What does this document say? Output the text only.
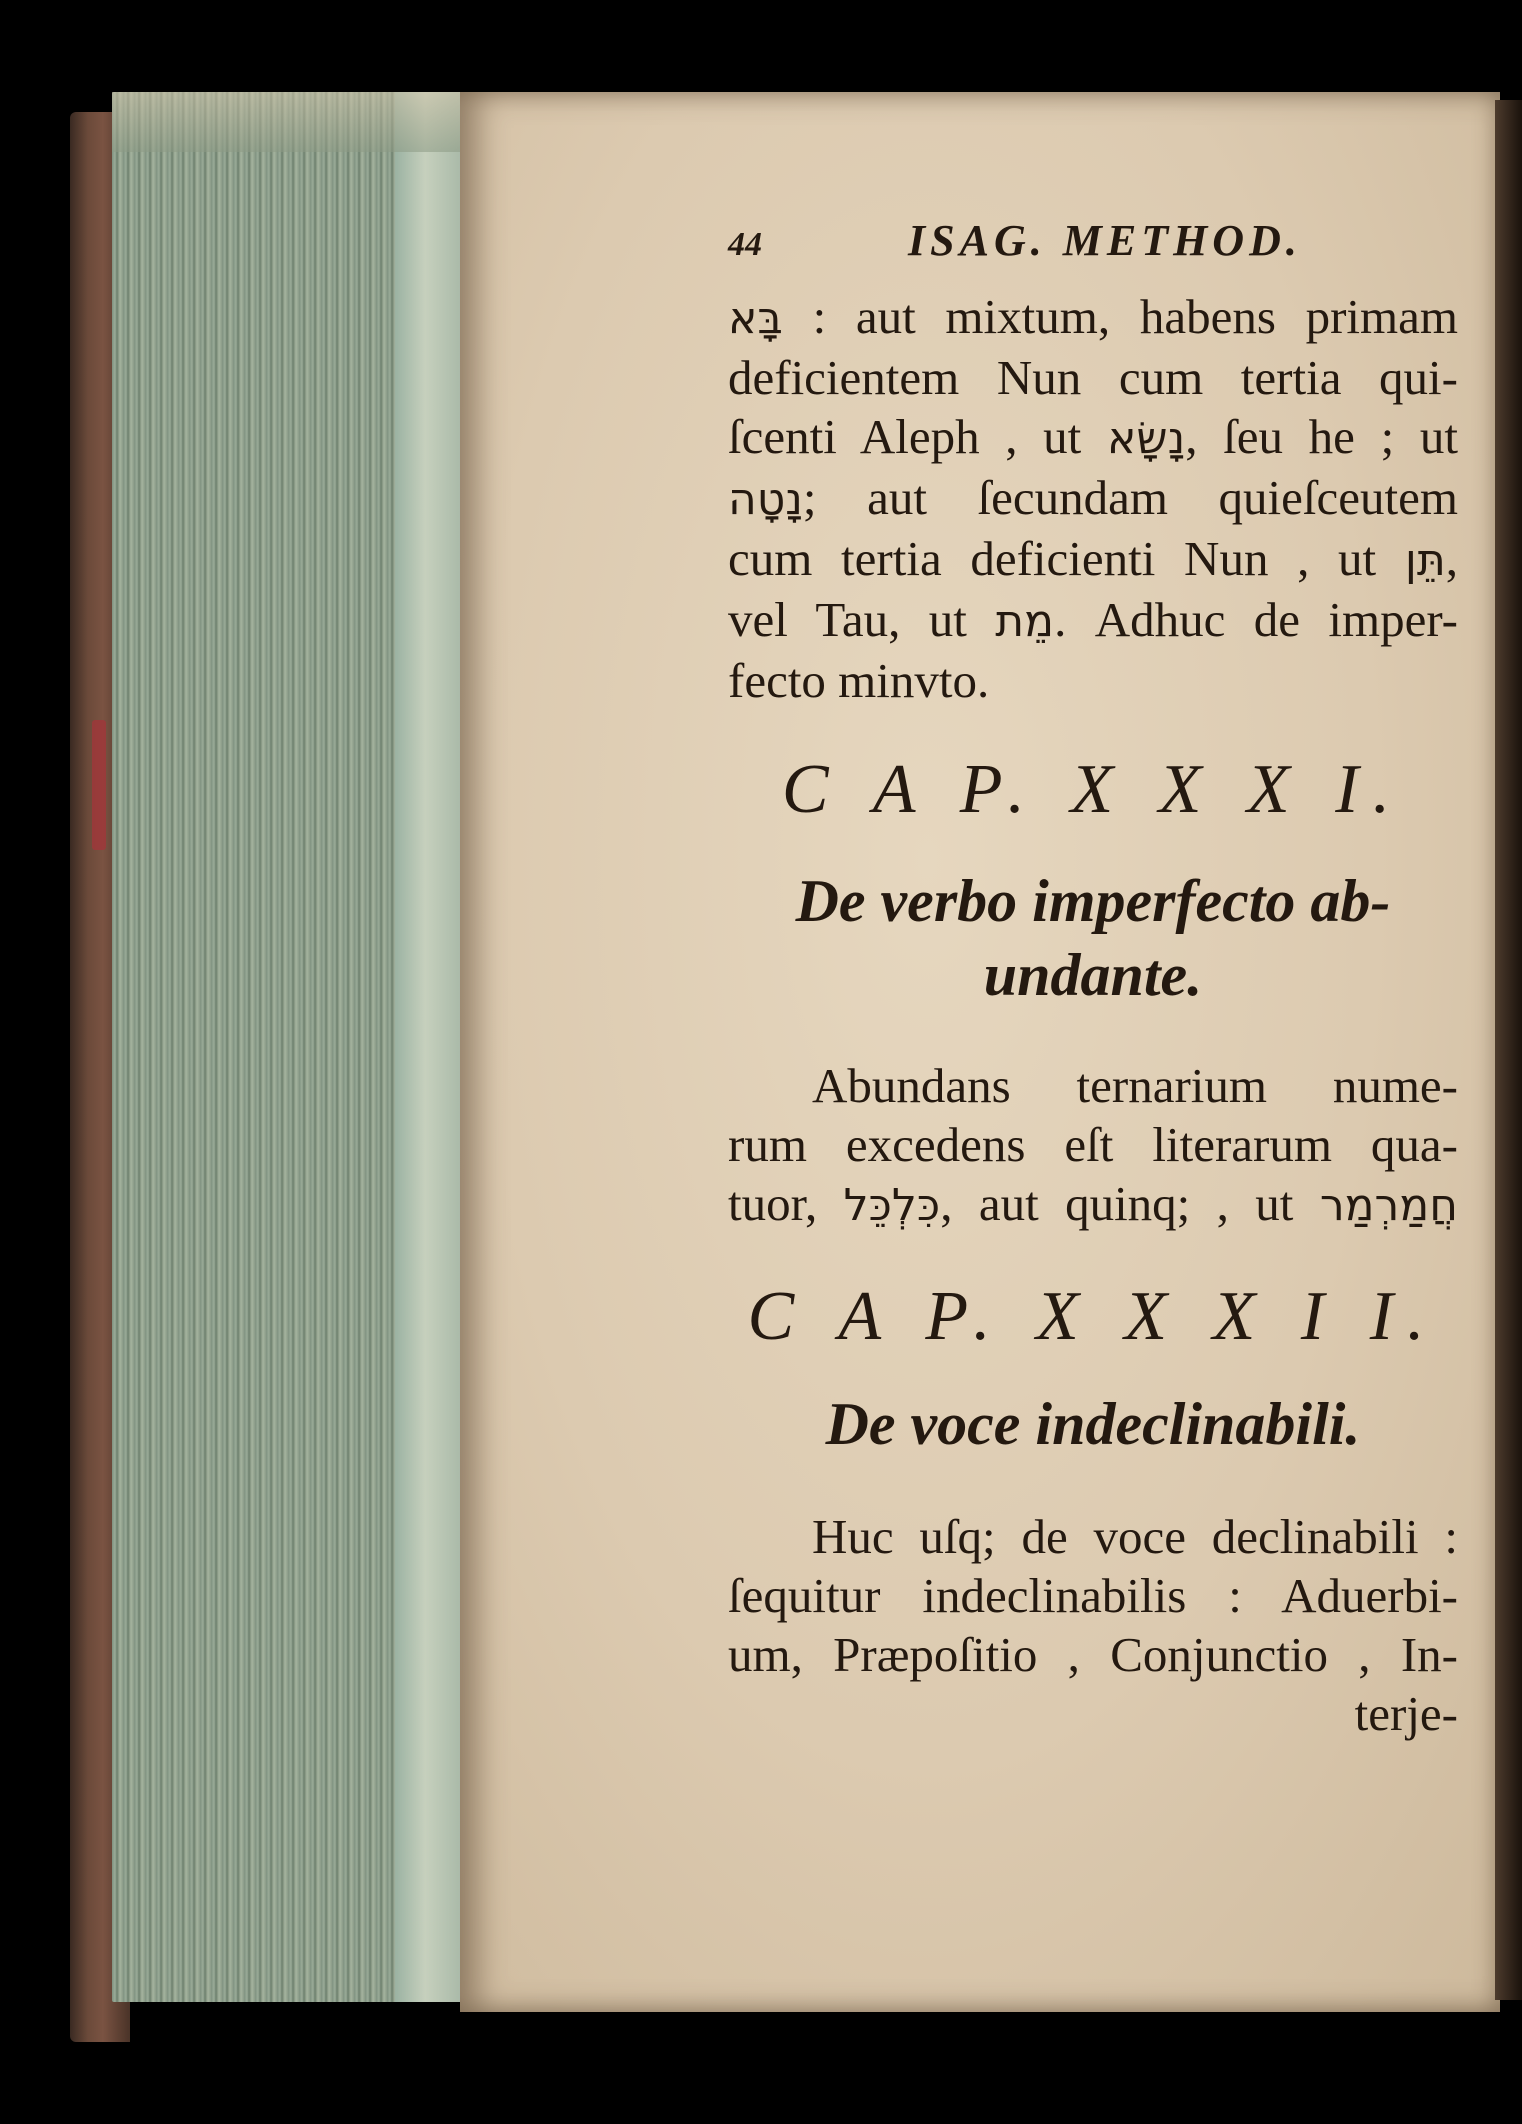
44	ISAG. METHOD.

בָּא : aut mixtum, habens primam
deficientem Nun cum tertia qui-
ſcenti Aleph , ut נָשָׂא, ſeu he ; ut
נָטָה; aut ſecundam quieſceutem
cum tertia deficienti Nun , ut תֵּן,
vel Tau, ut מֵת. Adhuc de imper-
fecto minvto.

C A P. X X X I.

De verbo imperfecto ab-

undante.

Abundans ternarium nume-
rum excedens eſt literarum qua-
tuor, כִּלְכֵּל, aut quinq; , ut חֲמַרְמַר

C A P. X X X I I.

De voce indeclinabili.

Huc uſq; de voce declinabili :
ſequitur indeclinabilis : Aduerbi-
um, Præpoſitio , Conjunctio , In-

terje-
